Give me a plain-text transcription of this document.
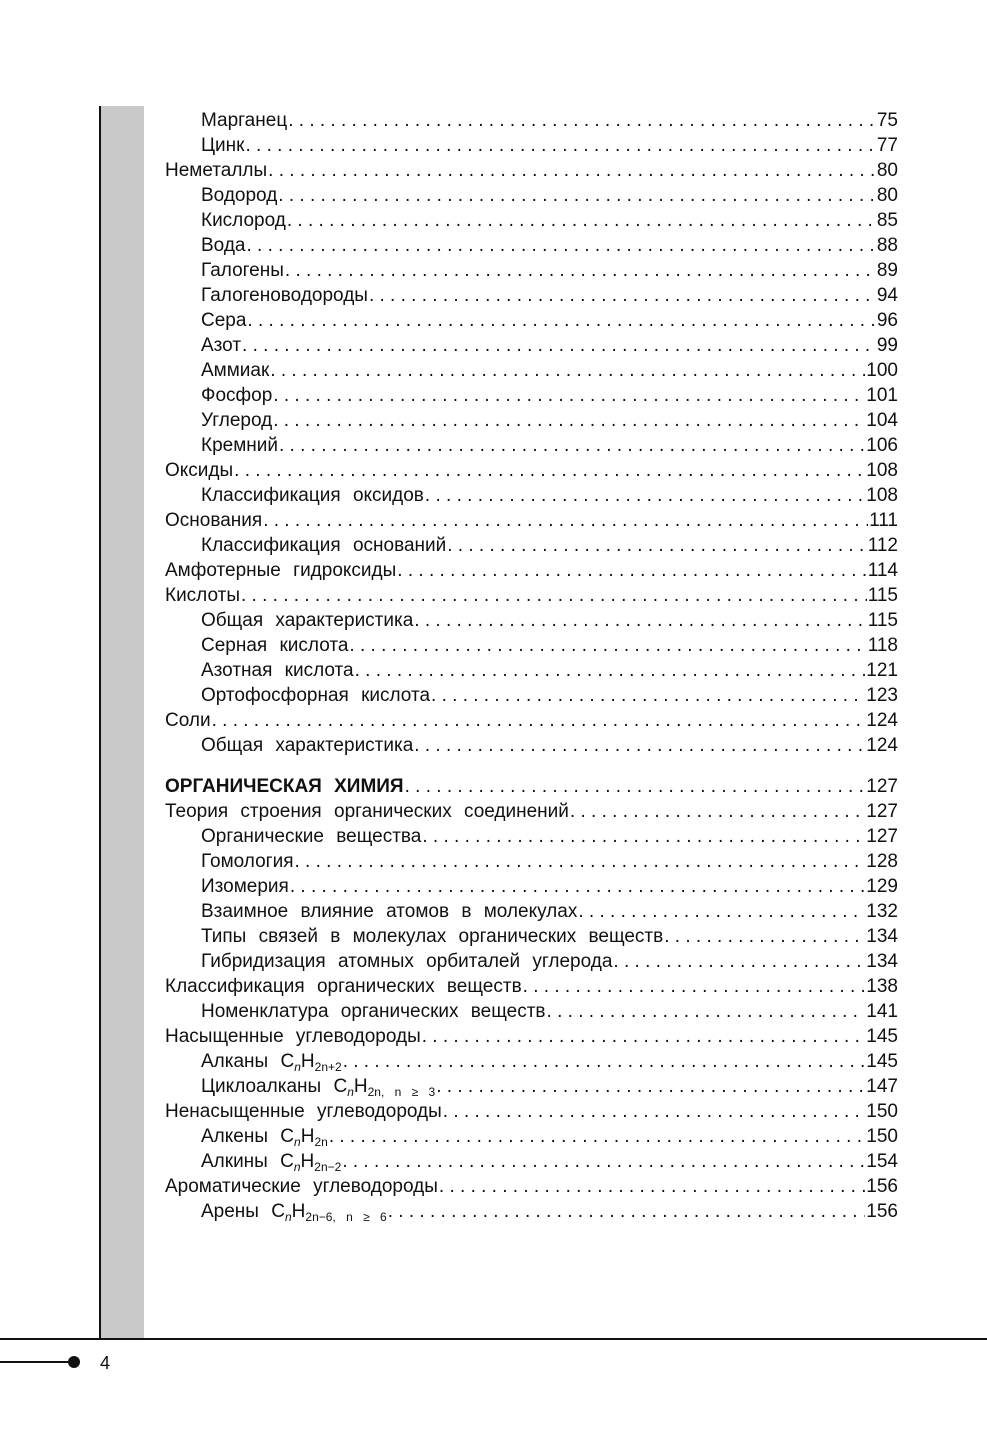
Марганец . . .	75
Цинк . . .	77
Неметаллы . . .	80
Водород . . .	80
Кислород . . .	85
Вода . . .	88
Галогены . . .	89
Галогеноводороды . . .	94
Сера . . .	96
Азот . . .	99
Аммиак . . .	100
Фосфор . . .	101
Углерод . . .	104
Кремний . . .	106
Оксиды . . .	108
Классификация оксидов . . .	108
Основания . . .	111
Классификация оснований . . .	112
Амфотерные гидроксиды . . .	114
Кислоты . . .	115
Общая характеристика . . .	115
Серная кислота . . .	118
Азотная кислота . . .	121
Ортофосфорная кислота . . .	123
Соли . . .	124
Общая характеристика . . .	124
ОРГАНИЧЕСКАЯ ХИМИЯ . . .	127
Теория строения органических соединений . . .	127
Органические вещества . . .	127
Гомология . . .	128
Изомерия . . .	129
Взаимное влияние атомов в молекулах . . .	132
Типы связей в молекулах органических веществ . . .	134
Гибридизация атомных орбиталей углерода . . .	134
Классификация органических веществ . . .	138
Номенклатура органических веществ . . .	141
Насыщенные углеводороды . . .	145
Алканы $C_nH_{2n+2}$ . . .	145
Циклоалканы $C_nH_{2n, n \ge 3}$ . . .	147
Ненасыщенные углеводороды . . .	150
Алкены $C_nH_{2n}$ . . .	150
Алкины $C_nH_{2n-2}$ . . .	154
Ароматические углеводороды . . .	156
Арены $C_nH_{2n-6, n \ge 6}$ . . .	156
4
